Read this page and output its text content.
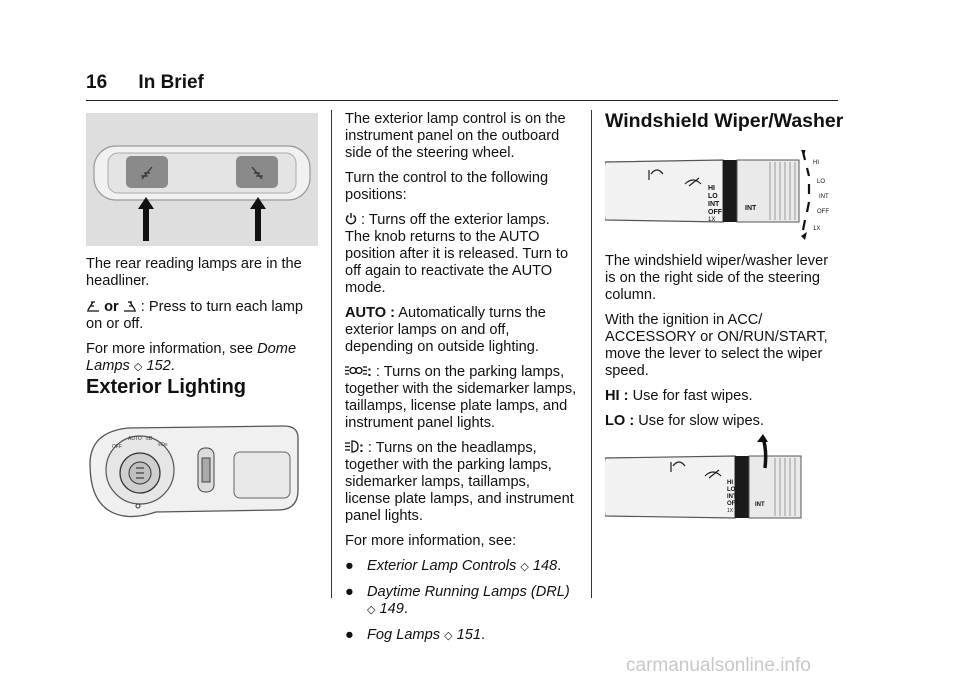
16 In Brief

The rear reading lamps are in the headliner.

or  : Press to turn each lamp on or off.

For more information, see Dome Lamps ◇ 152.

Exterior Lighting
AUTO
OFF
≡D
≡O≡

The exterior lamp control is on the instrument panel on the outboard side of the steering wheel.

Turn the control to the following positions:

: Turns off the exterior lamps. The knob returns to the AUTO position after it is released. Turn to off again to reactivate the AUTO mode.

AUTO : Automatically turns the exterior lamps on and off, depending on outside lighting.

: : Turns on the parking lamps, together with the sidemarker lamps, taillamps, license plate lamps, and instrument panel lights.

: : Turns on the headlamps, together with the parking lamps, sidemarker lamps, taillamps, license plate lamps, and instrument panel lights.

For more information, see:

● Exterior Lamp Controls ◇ 148.
● Daytime Running Lamps (DRL) ◇ 149.
● Fog Lamps ◇ 151.
Windshield Wiper/Washer
HI
LO
INT
OFF
1X
INT
HI
LO
INT
OFF
1X

The windshield wiper/washer lever is on the right side of the steering column.

With the ignition in ACC/ ACCESSORY or ON/RUN/START, move the lever to select the wiper speed.

HI : Use for fast wipes.

LO : Use for slow wipes.

HI
LO
INT
OFF
1X
INT
carmanualsonline.info
